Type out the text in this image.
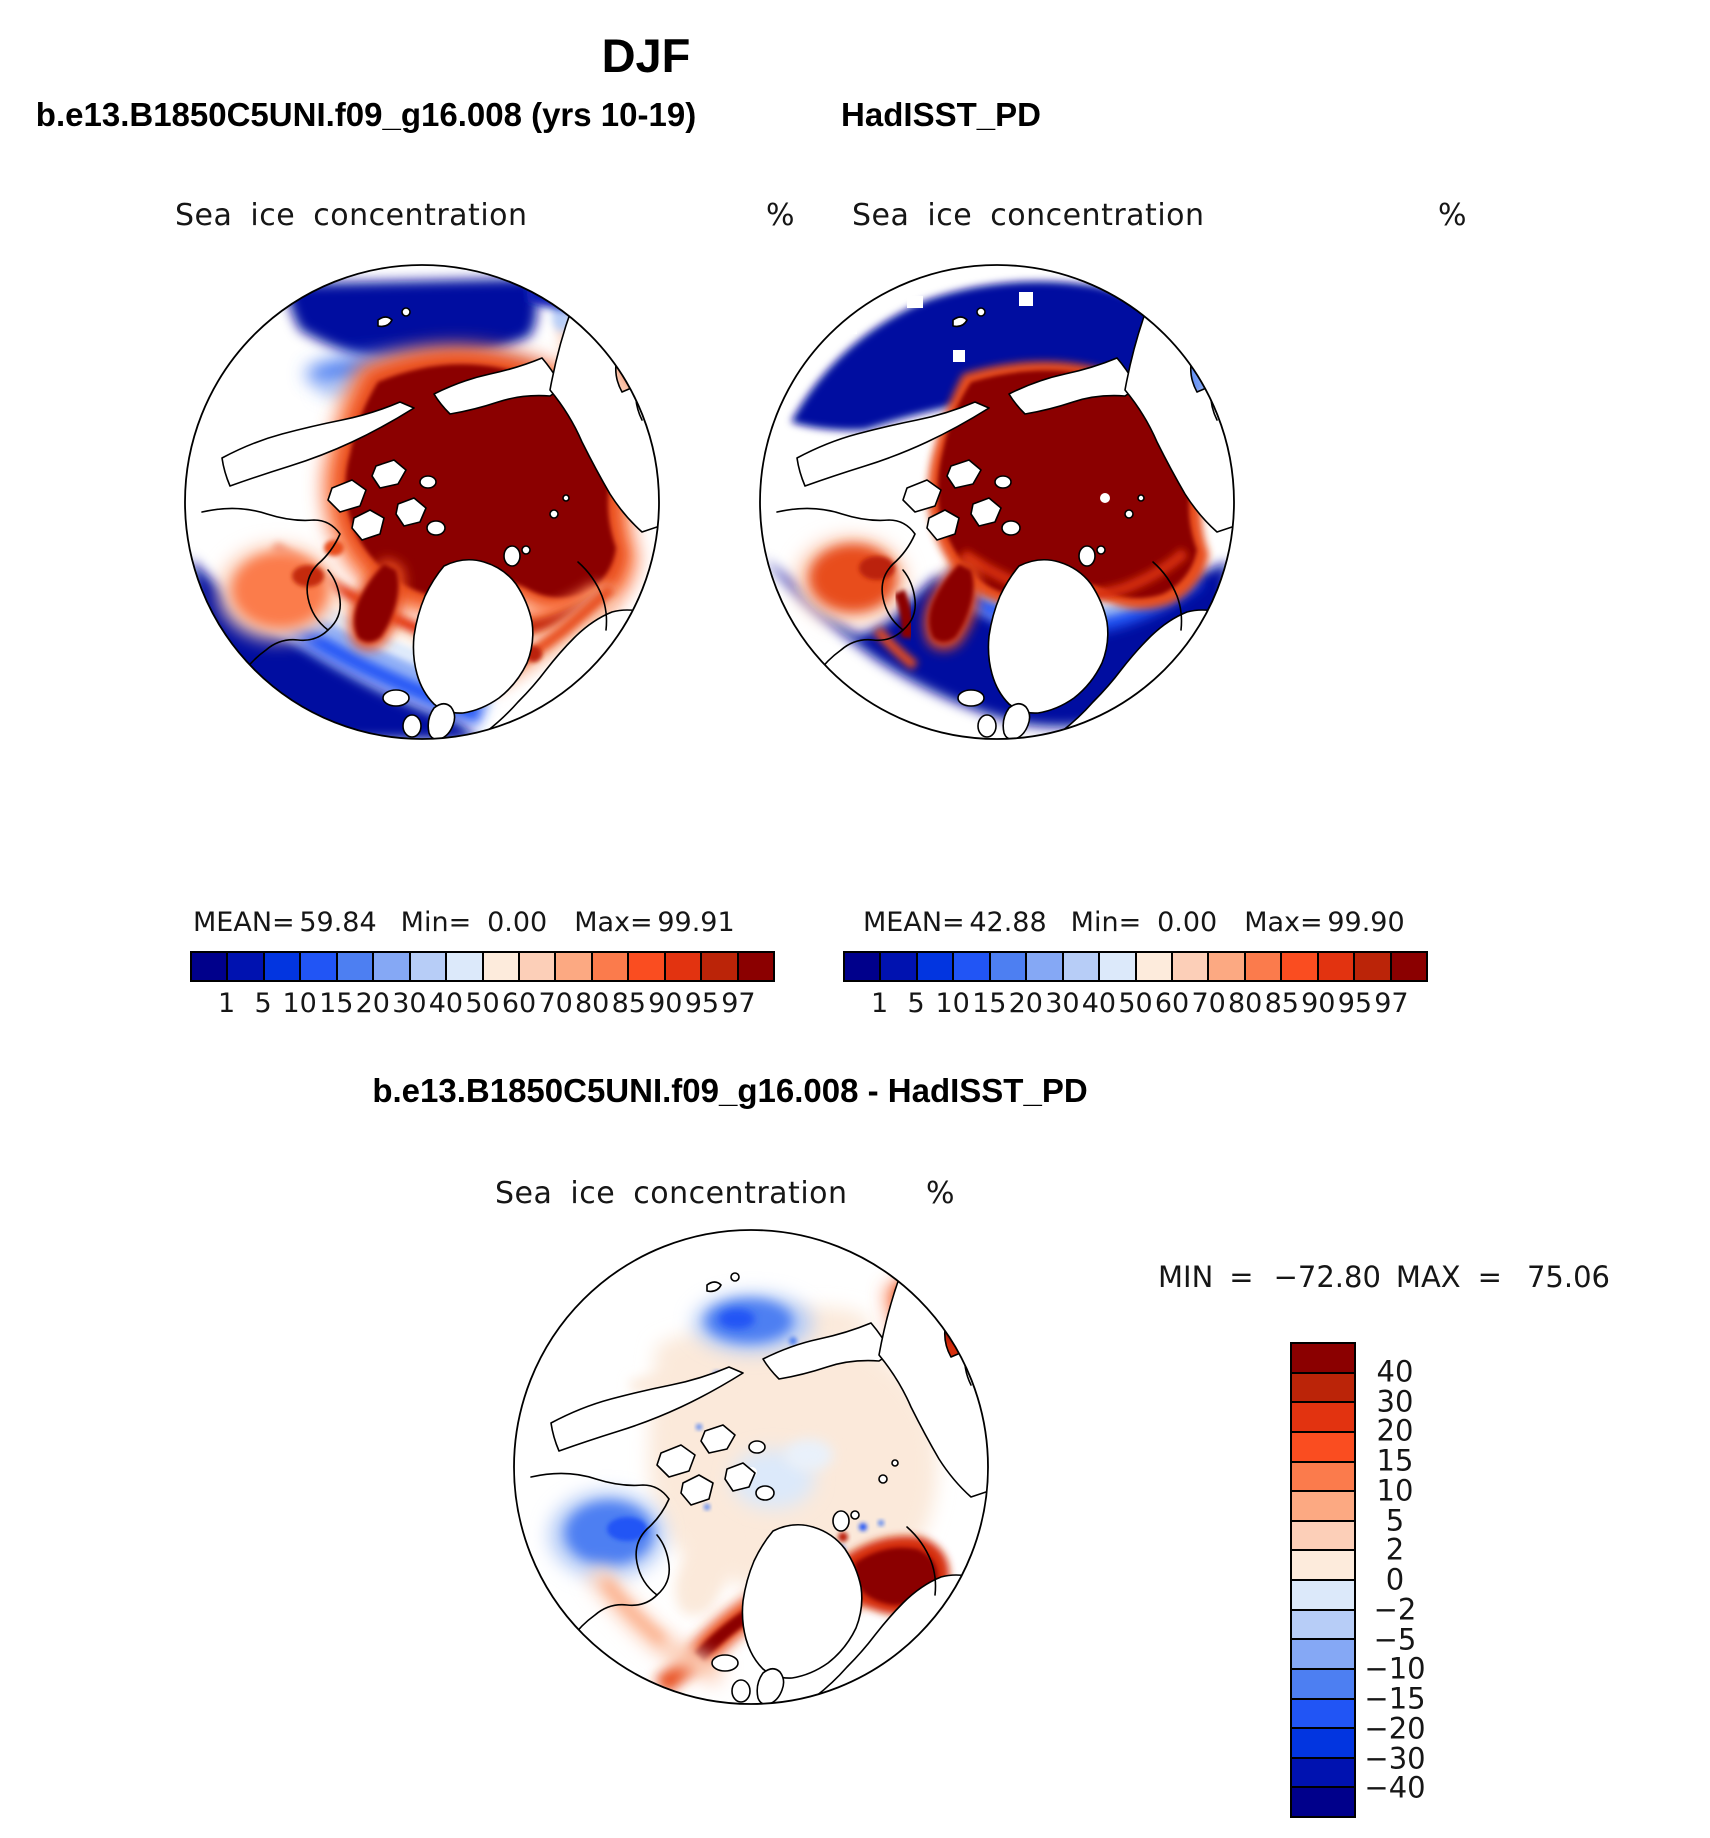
DJF
b.e13.B1850C5UNI.f09_g16.008 (yrs 10-19)	HadISST_PD
Sea ice concentration	% Sea ice concentration	%
MEAN= 59.84 Min= 0.00 Max= 99.91	MEAN= 42.88 Min= 0.00 Max= 99.90
1 5 10 15 20 30 40 50 60 70 80 85 90 95 97	1 5 10 15 20 30 40 50 60 70 80 85 90 95 97
b.e13.B1850C5UNI.f09_g16.008 - HadISST_PD
Sea ice concentration	%
MIN = −72.80 MAX = 75.06
40
30
20
15
10
5
2
0
−2
−5
−10
−15
−20
−30
−40
